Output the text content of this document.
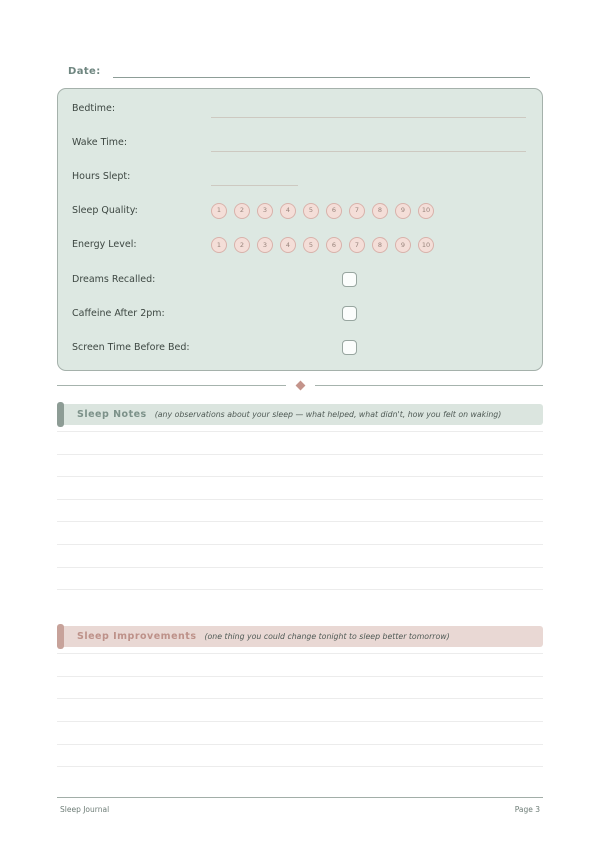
Date:
Bedtime:
Wake Time:
Hours Slept:
Sleep Quality:	1	2	3	4	5	6	7	8	9	10
Energy Level:	1	2	3	4	5	6	7	8	9	10
Dreams Recalled:
Caffeine After 2pm:
Screen Time Before Bed:
Sleep Notes (any observations about your sleep — what helped, what didn't, how you felt on waking)
Sleep Improvements (one thing you could change tonight to sleep better tomorrow)
Sleep Journal	Page 3
